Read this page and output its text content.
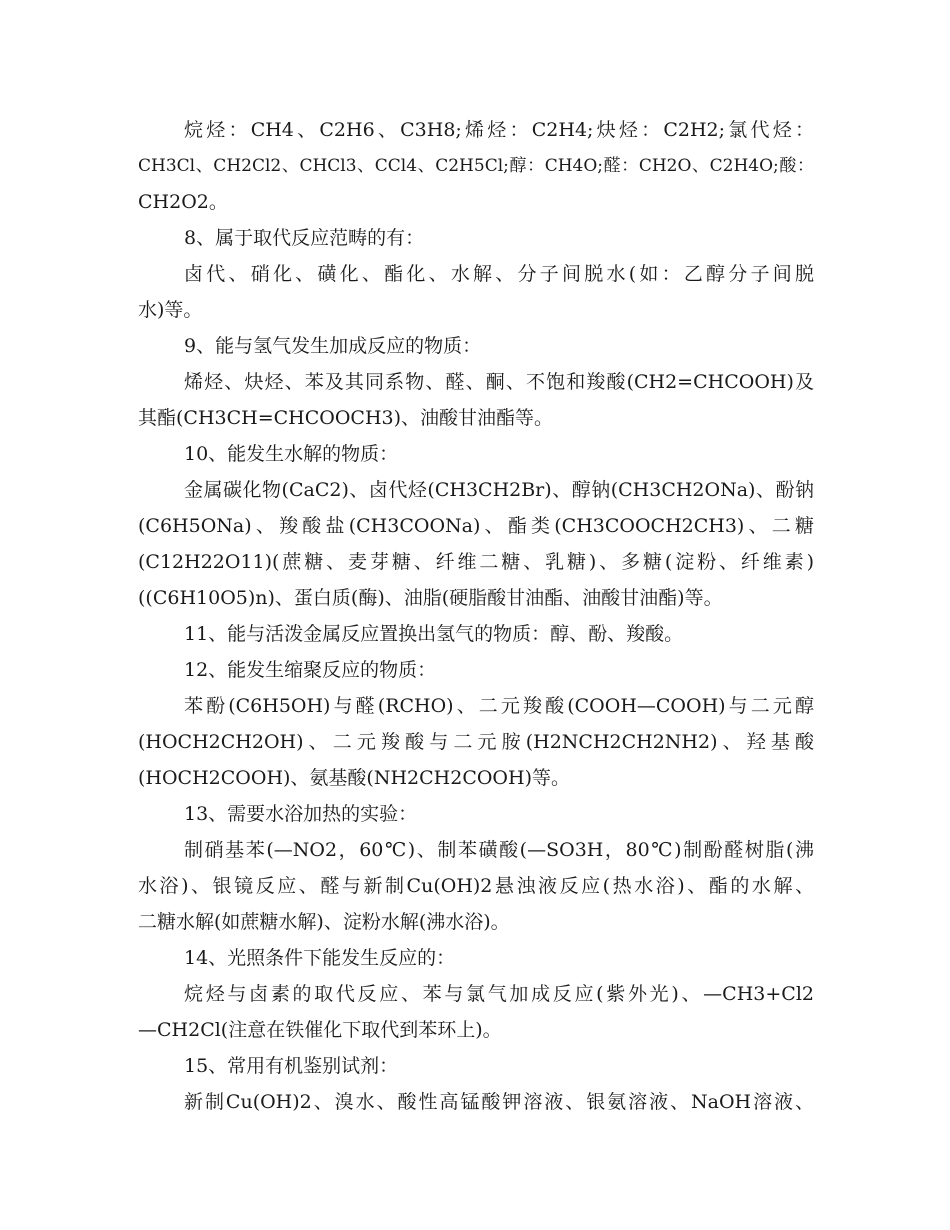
烷烃：CH4、C2H6、C3H8;烯烃：C2H4;炔烃：C2H2;氯代烃：
CH3Cl、CH2Cl2、CHCl3、CCl4、C2H5Cl;醇：CH4O;醛：CH2O、C2H4O;酸：
CH2O2。
8、属于取代反应范畴的有：
卤代、硝化、磺化、酯化、水解、分子间脱水(如：乙醇分子间脱
水)等。
9、能与氢气发生加成反应的物质：
烯烃、炔烃、苯及其同系物、醛、酮、不饱和羧酸(CH2=CHCOOH)及
其酯(CH3CH=CHCOOCH3)、油酸甘油酯等。
10、能发生水解的物质：
金属碳化物(CaC2)、卤代烃(CH3CH2Br)、醇钠(CH3CH2ONa)、酚钠
(C6H5ONa)、羧酸盐(CH3COONa)、酯类(CH3COOCH2CH3)、二糖
(C12H22O11)(蔗糖、麦芽糖、纤维二糖、乳糖)、多糖(淀粉、纤维素)
((C6H10O5)n)、蛋白质(酶)、油脂(硬脂酸甘油酯、油酸甘油酯)等。
11、能与活泼金属反应置换出氢气的物质：醇、酚、羧酸。
12、能发生缩聚反应的物质：
苯酚(C6H5OH)与醛(RCHO)、二元羧酸(COOH—COOH)与二元醇
(HOCH2CH2OH)、二元羧酸与二元胺(H2NCH2CH2NH2)、羟基酸
(HOCH2COOH)、氨基酸(NH2CH2COOH)等。
13、需要水浴加热的实验：
制硝基苯(—NO2，60℃)、制苯磺酸(—SO3H，80℃)制酚醛树脂(沸
水浴)、银镜反应、醛与新制Cu(OH)2悬浊液反应(热水浴)、酯的水解、
二糖水解(如蔗糖水解)、淀粉水解(沸水浴)。
14、光照条件下能发生反应的：
烷烃与卤素的取代反应、苯与氯气加成反应(紫外光)、—CH3+Cl2
—CH2Cl(注意在铁催化下取代到苯环上)。
15、常用有机鉴别试剂：
新制Cu(OH)2、溴水、酸性高锰酸钾溶液、银氨溶液、NaOH溶液、
